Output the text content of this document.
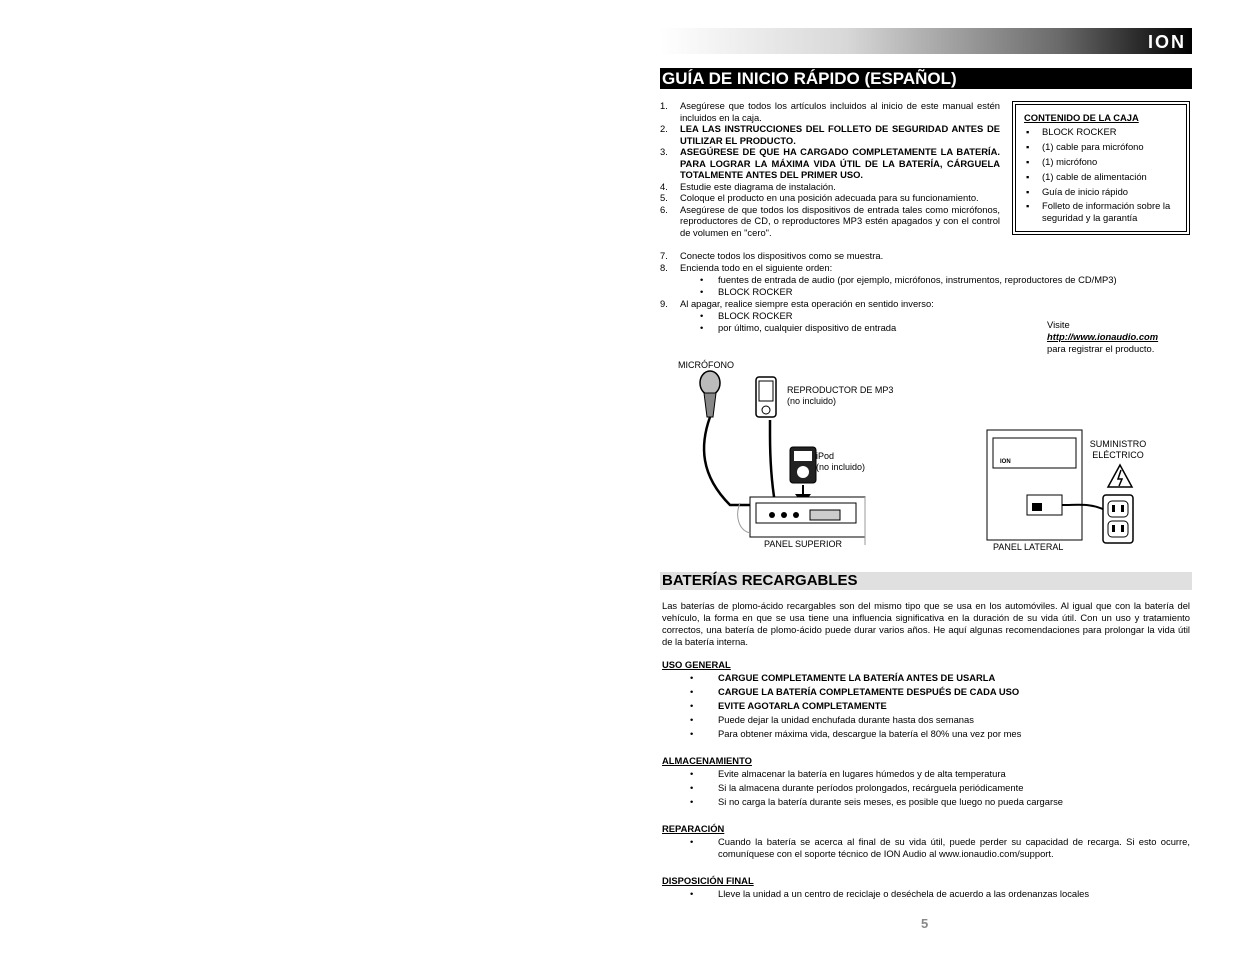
ION
GUÍA DE INICIO RÁPIDO (ESPAÑOL)
1.	Asegúrese que todos los artículos incluidos al inicio de este manual estén incluidos en la caja.
2.	LEA LAS INSTRUCCIONES DEL FOLLETO DE SEGURIDAD ANTES DE UTILIZAR EL PRODUCTO.
3.	ASEGÚRESE DE QUE HA CARGADO COMPLETAMENTE LA BATERÍA. PARA LOGRAR LA MÁXIMA VIDA ÚTIL DE LA BATERÍA, CÁRGUELA TOTALMENTE ANTES DEL PRIMER USO.
4.	Estudie este diagrama de instalación.
5.	Coloque el producto en una posición adecuada para su funcionamiento.
6.	Asegúrese de que todos los dispositivos de entrada tales como micrófonos, reproductores de CD, o reproductores MP3 estén apagados y con el control de volumen en "cero".
7.	Conecte todos los dispositivos como se muestra.
8.	Encienda todo en el siguiente orden:
•	fuentes de entrada de audio (por ejemplo, micrófonos, instrumentos, reproductores de CD/MP3)
•	BLOCK ROCKER
9.	Al apagar, realice siempre esta operación en sentido inverso:
•	BLOCK ROCKER
•	por último, cualquier dispositivo de entrada
CONTENIDO DE LA CAJA
▪	BLOCK ROCKER
▪	(1) cable para micrófono
▪	(1) micrófono
▪	(1) cable de alimentación
▪	Guía de inicio rápido
▪	Folleto de información sobre la seguridad y la garantía
Visite
http://www.ionaudio.com
para registrar el producto.
ION
MICRÓFONO
REPRODUCTOR DE MP3
(no incluido)
iPod
(no incluido)
PANEL SUPERIOR	PANEL LATERAL
SUMINISTRO
ELÉCTRICO
BATERÍAS RECARGABLES
Las baterías de plomo-ácido recargables son del mismo tipo que se usa en los automóviles. Al igual que con la batería del vehículo, la forma en que se usa tiene una influencia significativa en la duración de su vida útil. Con un uso y tratamiento correctos, una batería de plomo-ácido puede durar varios años. He aquí algunas recomendaciones para prolongar la vida útil de la batería interna.
USO GENERAL
•	CARGUE COMPLETAMENTE LA BATERÍA ANTES DE USARLA
•	CARGUE LA BATERÍA COMPLETAMENTE DESPUÉS DE CADA USO
•	EVITE AGOTARLA COMPLETAMENTE
•	Puede dejar la unidad enchufada durante hasta dos semanas
•	Para obtener máxima vida, descargue la batería el 80% una vez por mes
ALMACENAMIENTO
•	Evite almacenar la batería en lugares húmedos y de alta temperatura
•	Si la almacena durante períodos prolongados, recárguela periódicamente
•	Si no carga la batería durante seis meses, es posible que luego no pueda cargarse
REPARACIÓN
•	Cuando la batería se acerca al final de su vida útil, puede perder su capacidad de recarga. Si esto ocurre, comuníquese con el soporte técnico de ION Audio al www.ionaudio.com/support.
DISPOSICIÓN FINAL
•	Lleve la unidad a un centro de reciclaje o deséchela de acuerdo a las ordenanzas locales
5
